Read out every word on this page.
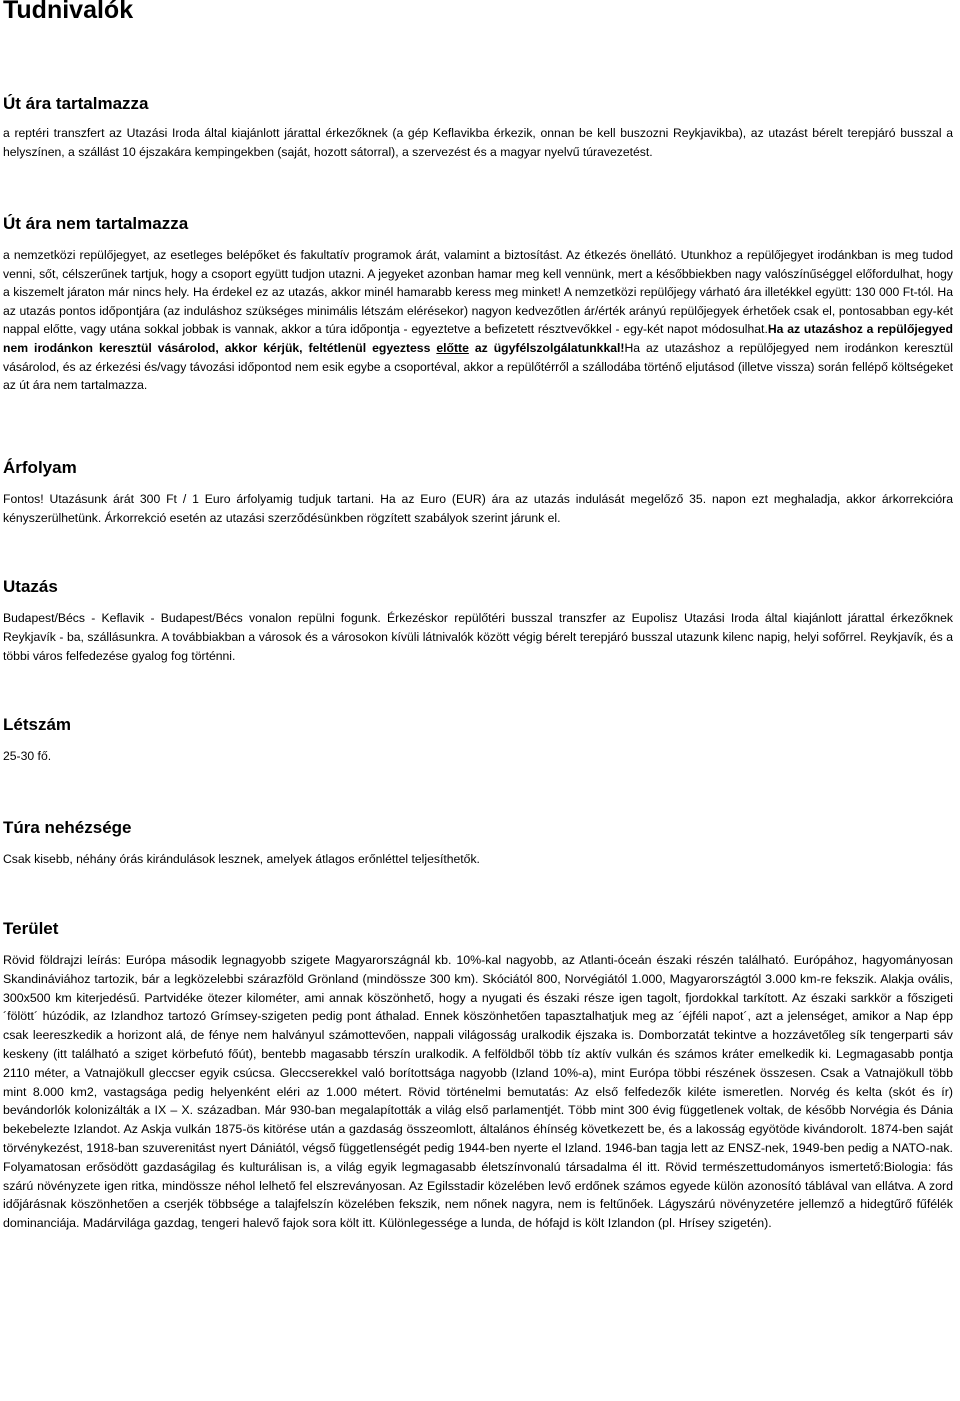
Tudnivalók
Út ára tartalmazza

a reptéri transzfert az Utazási Iroda által kiajánlott járattal érkezőknek (a gép Keflavikba érkezik, onnan be kell buszozni Reykjavikba), az utazást bérelt terepjáró busszal a helyszínen, a szállást 10 éjszakára kempingekben (saját, hozott sátorral), a szervezést és a magyar nyelvű túravezetést.

Út ára nem tartalmazza

a nemzetközi repülőjegyet, az esetleges belépőket és fakultatív programok árát, valamint a biztosítást. Az étkezés önellátó. Utunkhoz a repülőjegyet irodánkban is meg tudod venni, sőt, célszerűnek tartjuk, hogy a csoport együtt tudjon utazni. A jegyeket azonban hamar meg kell vennünk, mert a későbbiekben nagy valószínűséggel előfordulhat, hogy a kiszemelt járaton már nincs hely. Ha érdekel ez az utazás, akkor minél hamarabb keress meg minket! A nemzetközi repülőjegy várható ára illetékkel együtt: 130 000 Ft-tól. Ha az utazás pontos időpontjára (az induláshoz szükséges minimális létszám elérésekor) nagyon kedvezőtlen ár/érték arányú repülőjegyek érhetőek csak el, pontosabban egy-két nappal előtte, vagy utána sokkal jobbak is vannak, akkor a túra időpontja - egyeztetve a befizetett résztvevőkkel - egy-két napot módosulhat.Ha az utazáshoz a repülőjegyed nem irodánkon keresztül vásárolod, akkor kérjük, feltétlenül egyeztess előtte az ügyfélszolgálatunkkal!Ha az utazáshoz a repülőjegyed nem irodánkon keresztül vásárolod, és az érkezési és/vagy távozási időpontod nem esik egybe a csoportéval, akkor a repülőtérről a szállodába történő eljutásod (illetve vissza) során fellépő költségeket az út ára nem tartalmazza.

Árfolyam

Fontos! Utazásunk árát 300 Ft / 1 Euro árfolyamig tudjuk tartani. Ha az Euro (EUR) ára az utazás indulását megelőző 35. napon ezt meghaladja, akkor árkorrekcióra kényszerülhetünk. Árkorrekció esetén az utazási szerződésünkben rögzített szabályok szerint járunk el.

Utazás

Budapest/Bécs - Keflavik - Budapest/Bécs vonalon repülni fogunk. Érkezéskor repülőtéri busszal transzfer az Eupolisz Utazási Iroda által kiajánlott járattal érkezőknek Reykjavík - ba, szállásunkra. A továbbiakban a városok és a városokon kívüli látnivalók között végig bérelt terepjáró busszal utazunk kilenc napig, helyi sofőrrel. Reykjavík, és a többi város felfedezése gyalog fog történni.

Létszám

25-30 fő.

Túra nehézsége

Csak kisebb, néhány órás kirándulások lesznek, amelyek átlagos erőnléttel teljesíthetők.

Terület

Rövid földrajzi leírás: Európa második legnagyobb szigete Magyarországnál kb. 10%-kal nagyobb, az Atlanti-óceán északi részén található. Európához, hagyományosan Skandináviához tartozik, bár a legközelebbi szárazföld Grönland (mindössze 300 km). Skóciától 800, Norvégiától 1.000, Magyarországtól 3.000 km-re fekszik. Alakja ovális, 300x500 km kiterjedésű. Partvidéke ötezer kilométer, ami annak köszönhető, hogy a nyugati és északi része igen tagolt, fjordokkal tarkított. Az északi sarkkör a főszigeti ´fölött´ húzódik, az Izlandhoz tartozó Grímsey-szigeten pedig pont áthalad. Ennek köszönhetően tapasztalhatjuk meg az ´éjféli napot´, azt a jelenséget, amikor a Nap épp csak leereszkedik a horizont alá, de fénye nem halványul számottevően, nappali világosság uralkodik éjszaka is. Domborzatát tekintve a hozzávetőleg sík tengerparti sáv keskeny (itt található a sziget körbefutó főút), bentebb magasabb térszín uralkodik. A felföldből több tíz aktív vulkán és számos kráter emelkedik ki. Legmagasabb pontja 2110 méter, a Vatnajökull gleccser egyik csúcsa. Gleccserekkel való borítottsága nagyobb (Izland 10%-a), mint Európa többi részének összesen. Csak a Vatnajökull több mint 8.000 km2, vastagsága pedig helyenként eléri az 1.000 métert. Rövid történelmi bemutatás: Az első felfedezők kiléte ismeretlen. Norvég és kelta (skót és ír) bevándorlók kolonizálták a IX – X. században. Már 930-ban megalapították a világ első parlamentjét. Több mint 300 évig függetlenek voltak, de később Norvégia és Dánia bekebelezte Izlandot. Az Askja vulkán 1875-ös kitörése után a gazdaság összeomlott, általános éhínség következett be, és a lakosság egyötöde kivándorolt. 1874-ben saját törvénykezést, 1918-ban szuverenitást nyert Dániától, végső függetlenségét pedig 1944-ben nyerte el Izland. 1946-ban tagja lett az ENSZ-nek, 1949-ben pedig a NATO-nak. Folyamatosan erősödött gazdaságilag és kulturálisan is, a világ egyik legmagasabb életszínvonalú társadalma él itt. Rövid természettudományos ismertető:Biologia: fás szárú növényzete igen ritka, mindössze néhol lelhető fel elszreványosan. Az Egilsstadir közelében levő erdőnek számos egyede külön azonosító táblával van ellátva. A zord időjárásnak köszönhetően a cserjék többsége a talajfelszín közelében fekszik, nem nőnek nagyra, nem is feltűnőek. Lágyszárú növényzetére jellemző a hidegtűrő fűfélék dominanciája. Madárvilága gazdag, tengeri halevő fajok sora költ itt. Különlegessége a lunda, de hófajd is költ Izlandon (pl. Hrísey szigetén).
